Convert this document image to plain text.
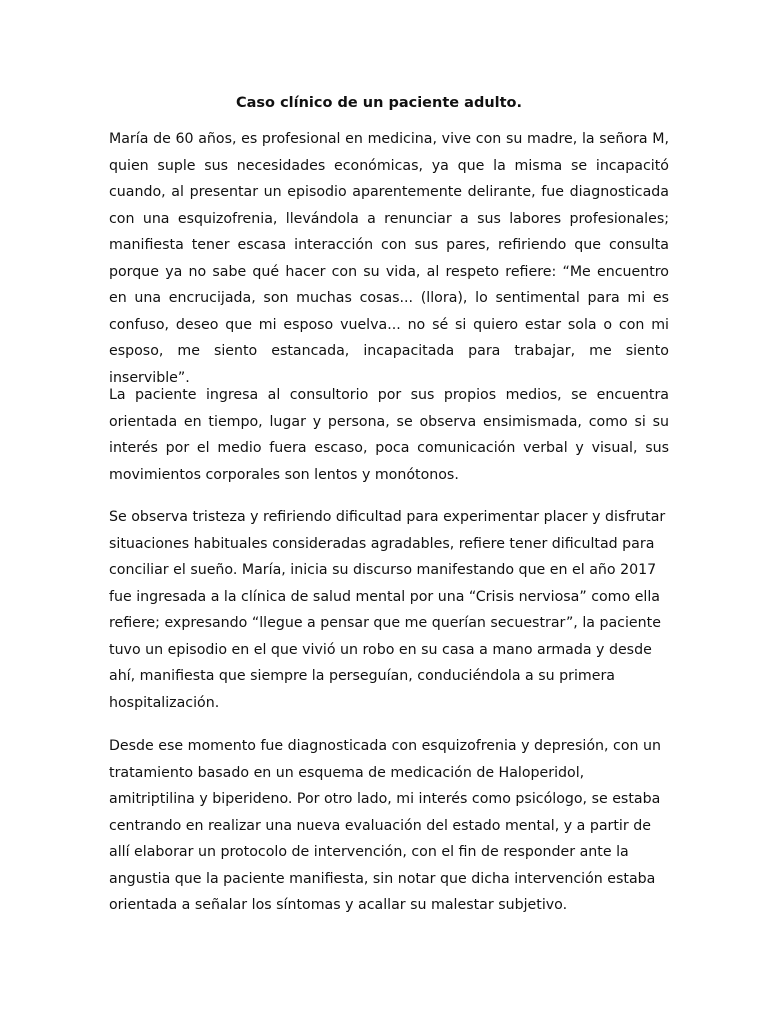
Caso clínico de un paciente adulto.

María de 60 años, es profesional en medicina, vive con su madre, la señora M, quien suple sus necesidades económicas, ya que la misma se incapacitó cuando, al presentar un episodio aparentemente delirante, fue diagnosticada con una esquizofrenia, llevándola a renunciar a sus labores profesionales; manifiesta tener escasa interacción con sus pares, refiriendo que consulta porque ya no sabe qué hacer con su vida, al respeto refiere: “Me encuentro en una encrucijada, son muchas cosas... (llora), lo sentimental para mi es confuso, deseo que mi esposo vuelva... no sé si quiero estar sola o con mi esposo, me siento estancada, incapacitada para trabajar, me siento inservible”.

La paciente ingresa al consultorio por sus propios medios, se encuentra orientada en tiempo, lugar y persona, se observa ensimismada, como si su interés por el medio fuera escaso, poca comunicación verbal y visual, sus movimientos corporales son lentos y monótonos.

Se observa tristeza y refiriendo dificultad para experimentar placer y disfrutar situaciones habituales consideradas agradables, refiere tener dificultad para conciliar el sueño. María, inicia su discurso manifestando que en el año 2017 fue ingresada a la clínica de salud mental por una “Crisis nerviosa” como ella refiere; expresando “llegue a pensar que me querían secuestrar”, la paciente tuvo un episodio en el que vivió un robo en su casa a mano armada y desde ahí, manifiesta que siempre la perseguían, conduciéndola a su primera hospitalización.

Desde ese momento fue diagnosticada con esquizofrenia y depresión, con un tratamiento basado en un esquema de medicación de Haloperidol, amitriptilina y biperideno. Por otro lado, mi interés como psicólogo, se estaba centrando en realizar una nueva evaluación del estado mental, y a partir de allí elaborar un protocolo de intervención, con el fin de responder ante la angustia que la paciente manifiesta, sin notar que dicha intervención estaba orientada a señalar los síntomas y acallar su malestar subjetivo.
